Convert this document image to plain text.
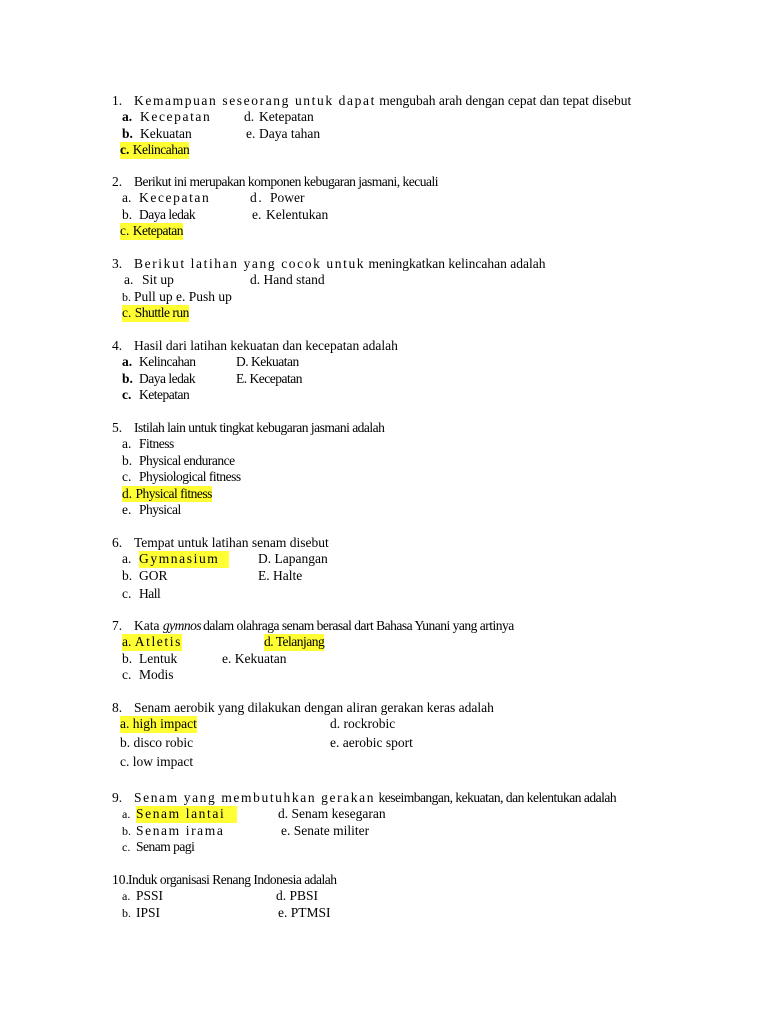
1. Kemampuan seseorang untuk dapat mengubah arah dengan cepat dan tepat disebut
a. Kecepatan d. Ketepatan
b. Kekuatan	e. Daya tahan
c. Kelincahan
2. Berikut ini merupakan komponen kebugaran jasmani, kecuali
a. Kecepatan	d. Power
b. Daya ledak	e. Kelentukan
c. Ketepatan
3. Berikut latihan yang cocok untuk meningkatkan kelincahan adalah
a. Sit up	d. Hand stand
b. Pull up e. Push up
c. Shuttle run
4. Hasil dari latihan kekuatan dan kecepatan adalah
a. Kelincahan	D. Kekuatan
b. Daya ledak	E. Kecepatan
c. Ketepatan
5. Istilah lain untuk tingkat kebugaran jasmani adalah
a. Fitness
b. Physical endurance
c. Physiological fitness
d. Physical fitness
e. Physical
6. Tempat untuk latihan senam disebut
a. Gymnasium	D. Lapangan
b. GOR	E. Halte
c. Hall
7. Kata gymnos dalam olahraga senam berasal dart Bahasa Yunani yang artinya
a. Atletis	d. Telanjang
b. Lentuk	e. Kekuatan
c. Modis
8. Senam aerobik yang dilakukan dengan aliran gerakan keras adalah
a. high impact	d. rockrobic
b. disco robic	e. aerobic sport
c. low impact
9. Senam yang membutuhkan gerakan keseimbangan, kekuatan, dan kelentukan adalah
a. Senam lantai	d. Senam kesegaran
b. Senam irama	e. Senate militer
c. Senam pagi
10.Induk organisasi Renang Indonesia adalah
a. PSSI	d. PBSI
b. IPSI	e. PTMSI
